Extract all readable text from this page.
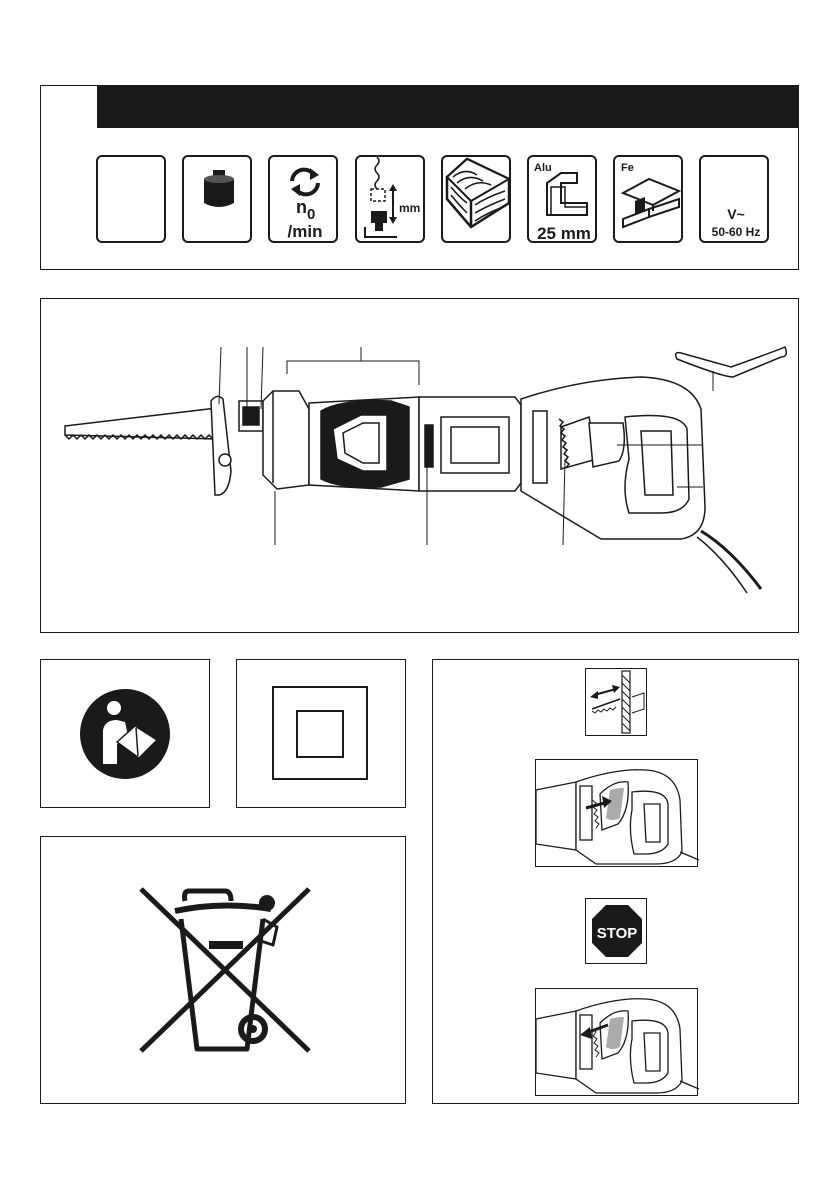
n 0
/min
mm
Alu
25 mm
Fe
V~
50-60 Hz
STOP
